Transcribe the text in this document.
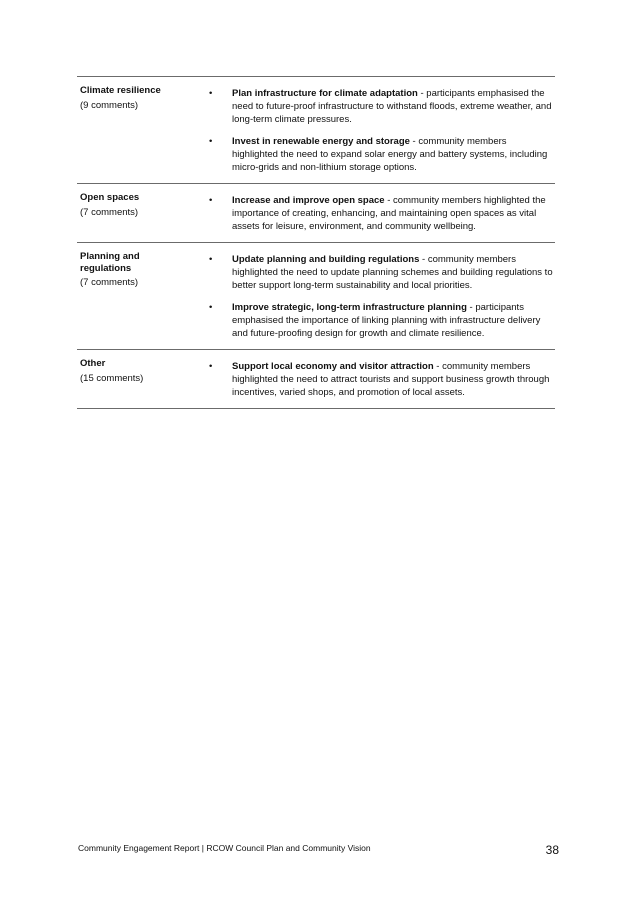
Climate resilience
(9 comments)
•	Plan infrastructure for climate adaptation - participants emphasised the need to future-proof infrastructure to withstand floods, extreme weather, and long-term climate pressures.
•	Invest in renewable energy and storage - community members highlighted the need to expand solar energy and battery systems, including micro-grids and non-lithium storage options.
Open spaces
(7 comments)
•	Increase and improve open space - community members highlighted the importance of creating, enhancing, and maintaining open spaces as vital assets for leisure, environment, and community wellbeing.
Planning and regulations
(7 comments)
•	Update planning and building regulations - community members highlighted the need to update planning schemes and building regulations to better support long-term sustainability and local priorities.
•	Improve strategic, long-term infrastructure planning - participants emphasised the importance of linking planning with infrastructure delivery and future-proofing design for growth and climate resilience.
Other
(15 comments)
•	Support local economy and visitor attraction - community members highlighted the need to attract tourists and support business growth through incentives, varied shops, and promotion of local assets.
Community Engagement Report | RCOW Council Plan and Community Vision	38
